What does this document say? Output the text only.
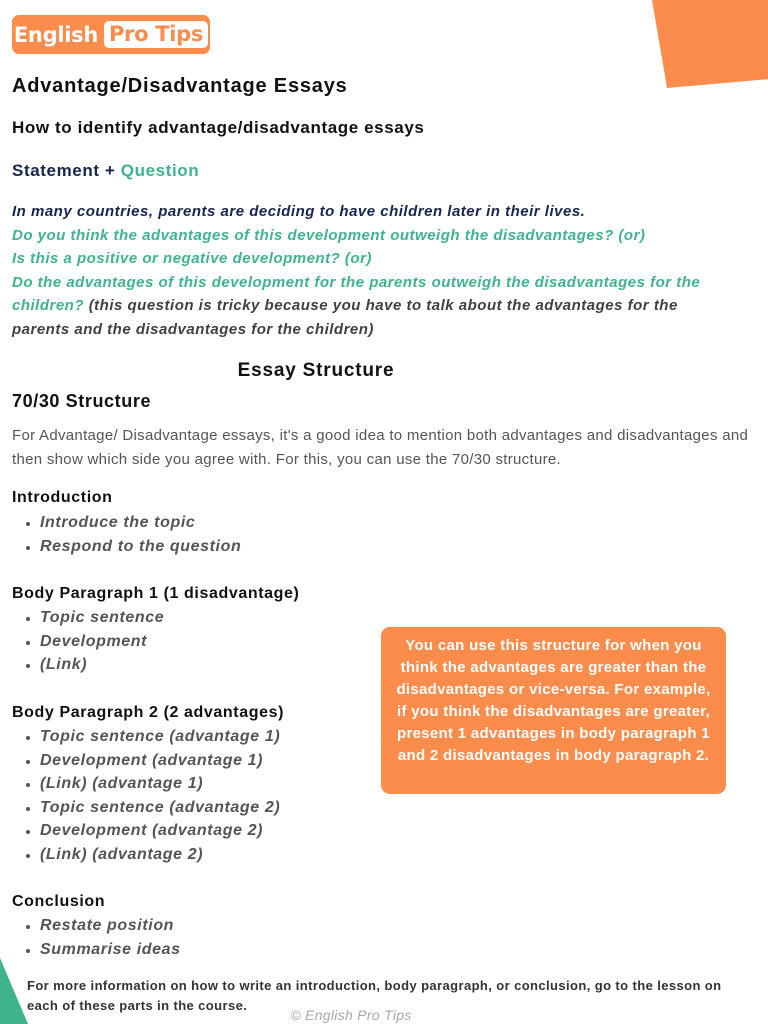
English Pro Tips
Advantage/Disadvantage Essays
How to identify advantage/disadvantage essays
Statement + Question
In many countries, parents are deciding to have children later in their lives.
Do you think the advantages of this development outweigh the disadvantages? (or)
Is this a positive or negative development? (or)
Do the advantages of this development for the parents outweigh the disadvantages for the children? (this question is tricky because you have to talk about the advantages for the parents and the disadvantages for the children)
Essay Structure
70/30 Structure

For Advantage/ Disadvantage essays, it's a good idea to mention both advantages and disadvantages and then show which side you agree with. For this, you can use the 70/30 structure.

Introduction
• Introduce the topic
• Respond to the question
Body Paragraph 1 (1 disadvantage)
• Topic sentence
• Development
• (Link)
Body Paragraph 2 (2 advantages)
• Topic sentence (advantage 1)
• Development (advantage 1)
• (Link) (advantage 1)
• Topic sentence (advantage 2)
• Development (advantage 2)
• (Link) (advantage 2)
Conclusion
• Restate position
• Summarise ideas
You can use this structure for when you think the advantages are greater than the disadvantages or vice-versa. For example, if you think the disadvantages are greater, present 1 advantages in body paragraph 1 and 2 disadvantages in body paragraph 2.

For more information on how to write an introduction, body paragraph, or conclusion, go to the lesson on each of these parts in the course.

© English Pro Tips
